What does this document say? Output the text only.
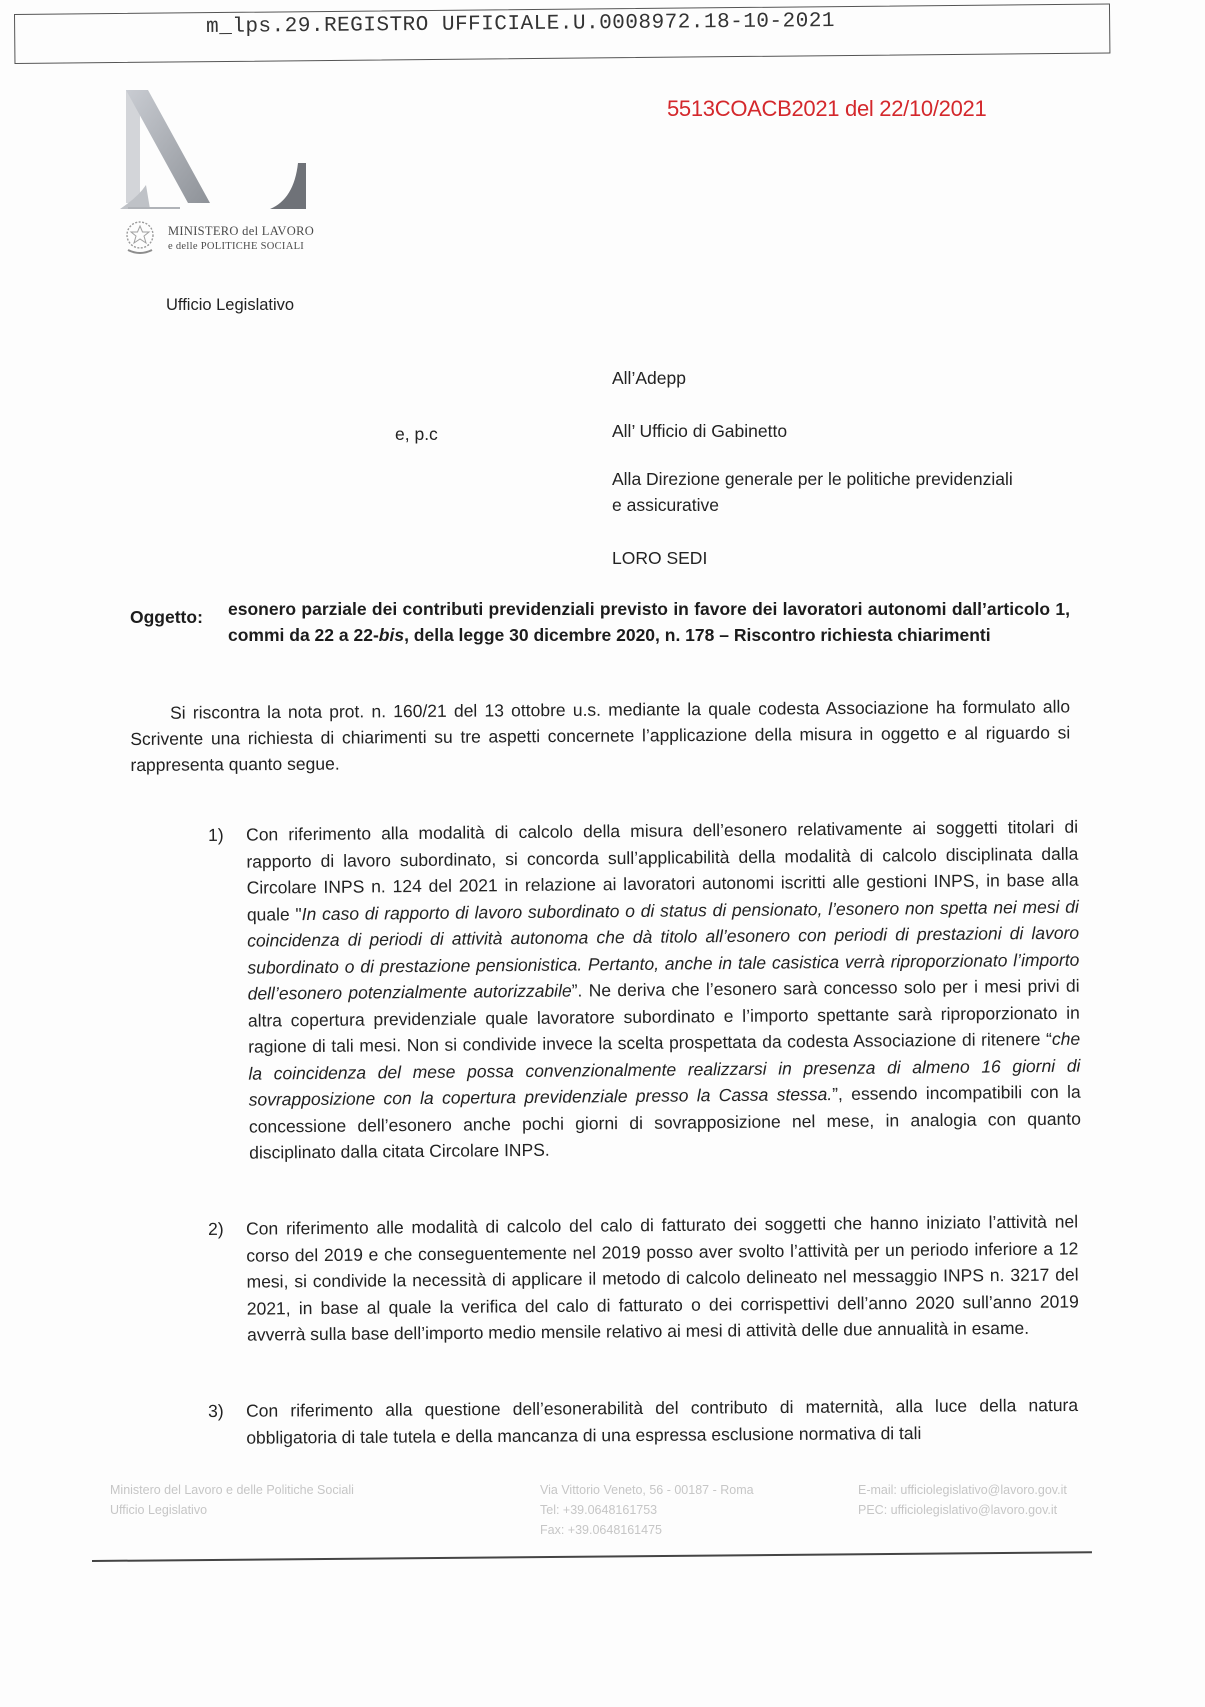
m_lps.29.REGISTRO UFFICIALE.U.0008972.18-10-2021
5513COACB2021 del 22/10/2021
MINISTERO del LAVORO
e delle POLITICHE SOCIALI
Ufficio Legislativo
e, p.c
All’Adepp
All’ Ufficio di Gabinetto
Alla Direzione generale per le politiche previdenziali
e assicurative
LORO SEDI
Oggetto: esonero parziale dei contributi previdenziali previsto in favore dei lavoratori autonomi dall’articolo 1, commi da 22 a 22-bis, della legge 30 dicembre 2020, n. 178 – Riscontro richiesta chiarimenti
Si riscontra la nota prot. n. 160/21 del 13 ottobre u.s. mediante la quale codesta Associazione ha formulato allo Scrivente una richiesta di chiarimenti su tre aspetti concernete l’applicazione della misura in oggetto e al riguardo si rappresenta quanto segue.
1) Con riferimento alla modalità di calcolo della misura dell’esonero relativamente ai soggetti titolari di rapporto di lavoro subordinato, si concorda sull’applicabilità della modalità di calcolo disciplinata dalla Circolare INPS n. 124 del 2021 in relazione ai lavoratori autonomi iscritti alle gestioni INPS, in base alla quale "In caso di rapporto di lavoro subordinato o di status di pensionato, l’esonero non spetta nei mesi di coincidenza di periodi di attività autonoma che dà titolo all’esonero con periodi di prestazioni di lavoro subordinato o di prestazione pensionistica. Pertanto, anche in tale casistica verrà riproporzionato l’importo dell’esonero potenzialmente autorizzabile”. Ne deriva che l’esonero sarà concesso solo per i mesi privi di altra copertura previdenziale quale lavoratore subordinato e l’importo spettante sarà riproporzionato in ragione di tali mesi. Non si condivide invece la scelta prospettata da codesta Associazione di ritenere “che la coincidenza del mese possa convenzionalmente realizzarsi in presenza di almeno 16 giorni di sovrapposizione con la copertura previdenziale presso la Cassa stessa.”, essendo incompatibili con la concessione dell’esonero anche pochi giorni di sovrapposizione nel mese, in analogia con quanto disciplinato dalla citata Circolare INPS.
2) Con riferimento alle modalità di calcolo del calo di fatturato dei soggetti che hanno iniziato l’attività nel corso del 2019 e che conseguentemente nel 2019 posso aver svolto l’attività per un periodo inferiore a 12 mesi, si condivide la necessità di applicare il metodo di calcolo delineato nel messaggio INPS n. 3217 del 2021, in base al quale la verifica del calo di fatturato o dei corrispettivi dell’anno 2020 sull’anno 2019 avverrà sulla base dell’importo medio mensile relativo ai mesi di attività delle due annualità in esame.
3) Con riferimento alla questione dell’esonerabilità del contributo di maternità, alla luce della natura obbligatoria di tale tutela e della mancanza di una espressa esclusione normativa di tali
Ministero del Lavoro e delle Politiche Sociali
Ufficio Legislativo
Via Vittorio Veneto, 56 - 00187 - Roma
Tel: +39.0648161753
Fax: +39.0648161475
E-mail: ufficiolegislativo@lavoro.gov.it
PEC: ufficiolegislativo@lavoro.gov.it
